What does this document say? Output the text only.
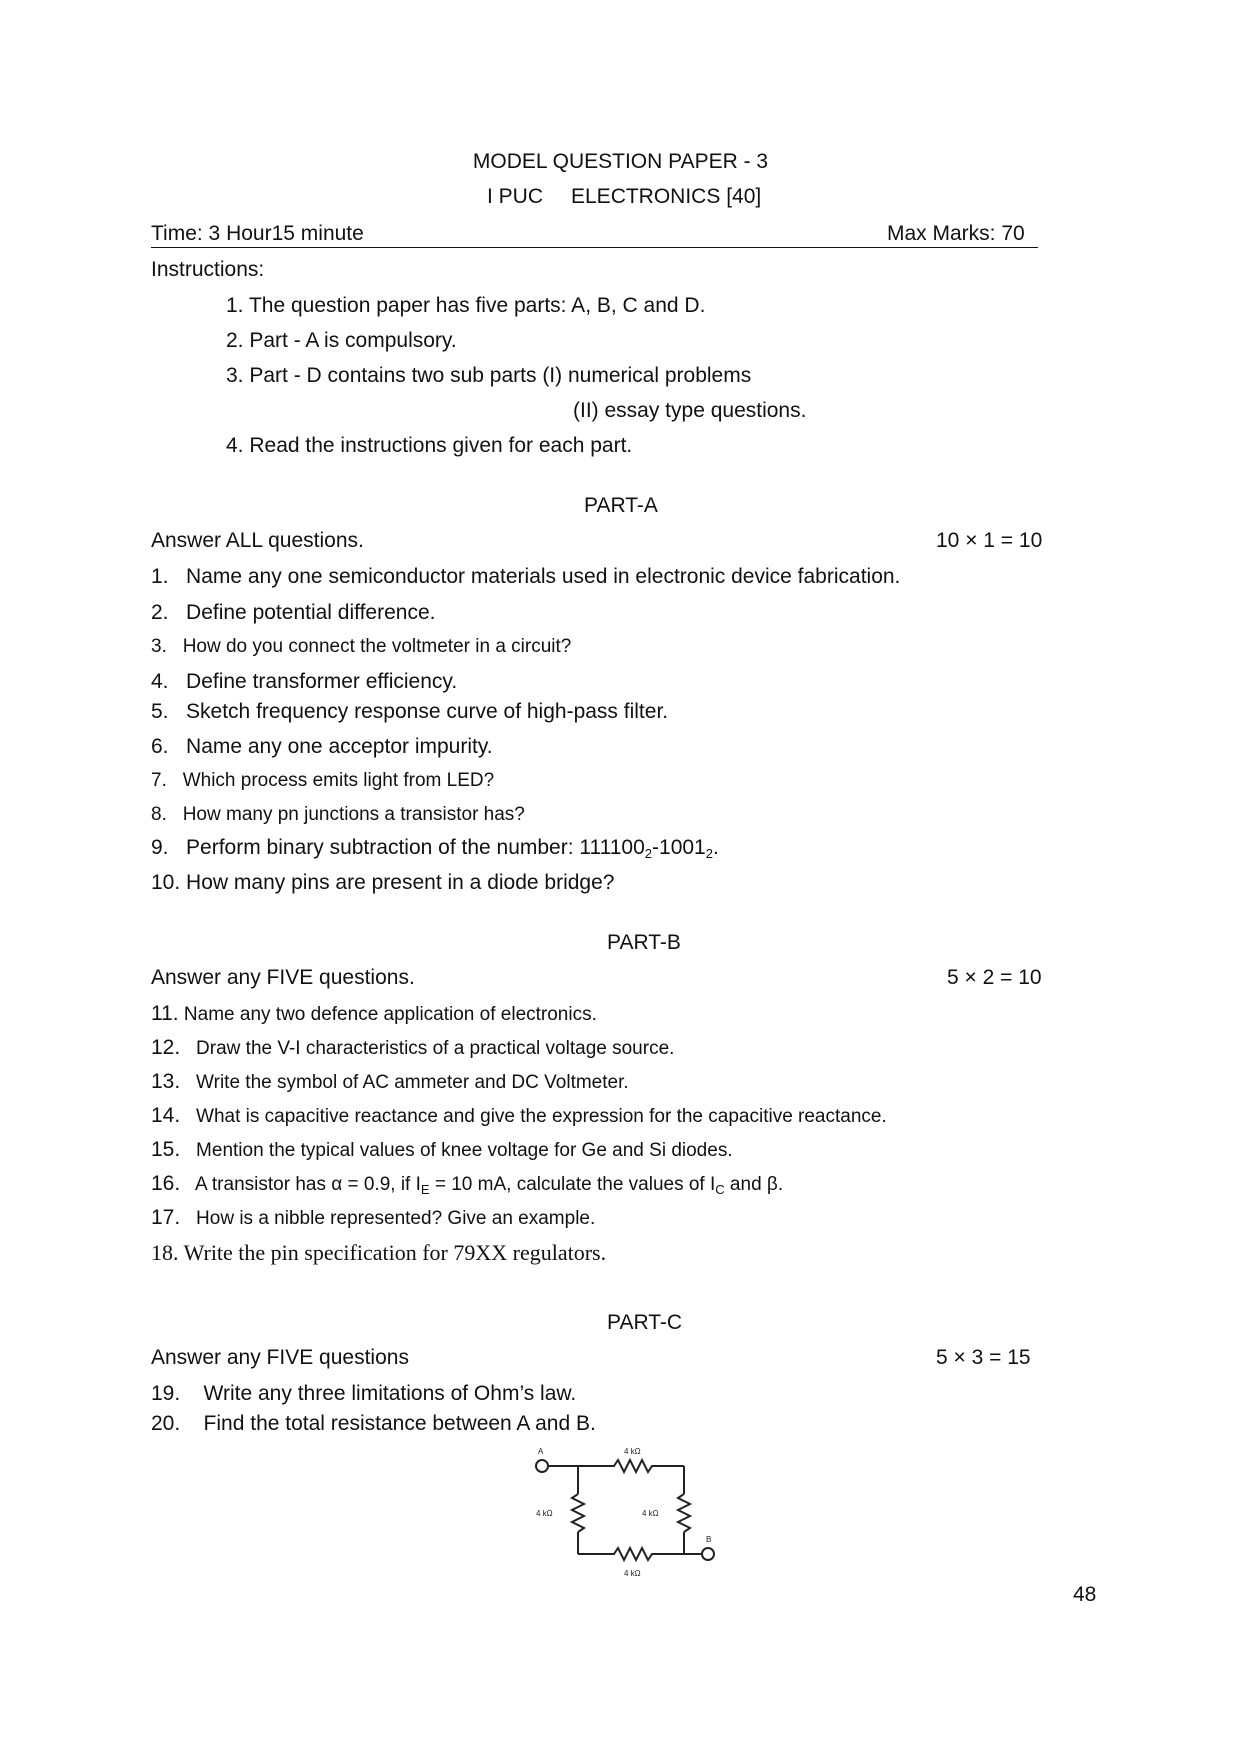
MODEL QUESTION PAPER - 3
I PUC ELECTRONICS [40]
Time: 3 Hour15 minute	Max Marks: 70
Instructions:
1. The question paper has five parts: A, B, C and D.
2. Part - A is compulsory.
3. Part - D contains two sub parts (I) numerical problems
(II) essay type questions.
4. Read the instructions given for each part.
PART-A
Answer ALL questions.	10 × 1 = 10
1. Name any one semiconductor materials used in electronic device fabrication.
2. Define potential difference.
3. How do you connect the voltmeter in a circuit?
4. Define transformer efficiency.
5. Sketch frequency response curve of high-pass filter.
6. Name any one acceptor impurity.
7. Which process emits light from LED?
8. How many pn junctions a transistor has?
9. Perform binary subtraction of the number: $111100_2-1001_2$.
10. How many pins are present in a diode bridge?
PART-B
Answer any FIVE questions.	5 × 2 = 10
11. Name any two defence application of electronics.
12. Draw the V-I characteristics of a practical voltage source.
13. Write the symbol of AC ammeter and DC Voltmeter.
14. What is capacitive reactance and give the expression for the capacitive reactance.
15. Mention the typical values of knee voltage for Ge and Si diodes.
16. A transistor has α = 0.9, if $I_E = 10$ mA, calculate the values of $I_C$ and β.
17. How is a nibble represented? Give an example.
18. Write the pin specification for 79XX regulators.
PART-C
Answer any FIVE questions	5 × 3 = 15
19. Write any three limitations of Ohm’s law.
20. Find the total resistance between A and B.
A
B
4 kΩ
4 kΩ	4 kΩ
4 kΩ
48
